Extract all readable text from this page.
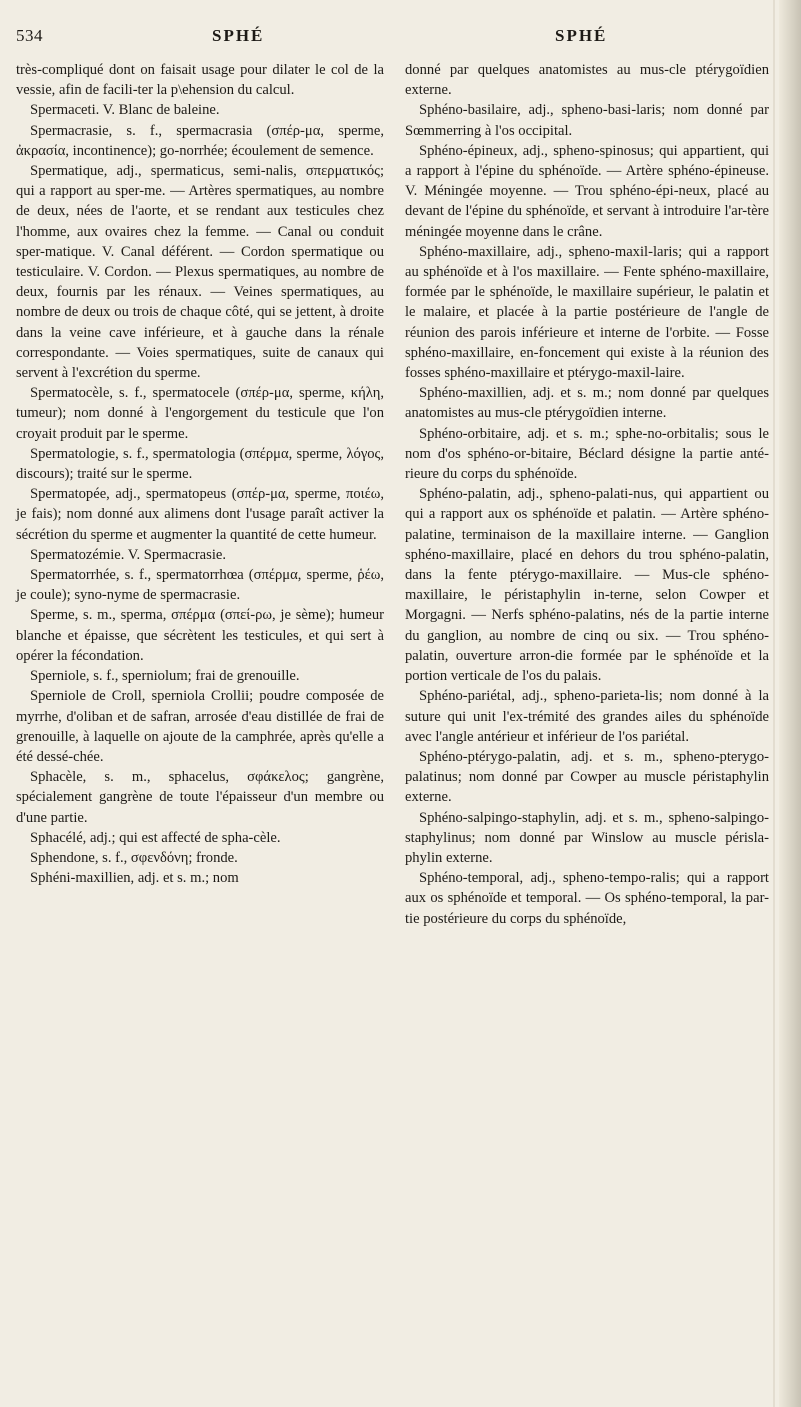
534	SPHÉ	SPHÉ

très-compliqué dont on faisait usage pour dilater le col de la vessie, afin de facili-ter la p\ehension du calcul.

Spermaceti. V. Blanc de baleine.

Spermacrasie, s. f., spermacrasia (σπέρ-μα, sperme, ἀκρασία, incontinence); go-norrhée; écoulement de semence.

Spermatique, adj., spermaticus, semi-nalis, σπερματικός; qui a rapport au sper-me. — Artères spermatiques, au nombre de deux, nées de l'aorte, et se rendant aux testicules chez l'homme, aux ovaires chez la femme. — Canal ou conduit sper-matique. V. Canal déférent. — Cordon spermatique ou testiculaire. V. Cordon. — Plexus spermatiques, au nombre de deux, fournis par les rénaux. — Veines spermatiques, au nombre de deux ou trois de chaque côté, qui se jettent, à droite dans la veine cave inférieure, et à gauche dans la rénale correspondante. — Voies spermatiques, suite de canaux qui servent à l'excrétion du sperme.

Spermatocèle, s. f., spermatocele (σπέρ-μα, sperme, κήλη, tumeur); nom donné à l'engorgement du testicule que l'on croyait produit par le sperme.

Spermatologie, s. f., spermatologia (σπέρμα, sperme, λόγος, discours); traité sur le sperme.

Spermatopée, adj., spermatopeus (σπέρ-μα, sperme, ποιέω, je fais); nom donné aux alimens dont l'usage paraît activer la sécrétion du sperme et augmenter la quantité de cette humeur.

Spermatozémie. V. Spermacrasie.

Spermatorrhée, s. f., spermatorrhœa (σπέρμα, sperme, ῥέω, je coule); syno-nyme de spermacrasie.

Sperme, s. m., sperma, σπέρμα (σπεί-ρω, je sème); humeur blanche et épaisse, que sécrètent les testicules, et qui sert à opérer la fécondation.

Sperniole, s. f., sperniolum; frai de grenouille.

Sperniole de Croll, sperniola Crollii; poudre composée de myrrhe, d'oliban et de safran, arrosée d'eau distillée de frai de grenouille, à laquelle on ajoute de la camphrée, après qu'elle a été dessé-chée.

Sphacèle, s. m., sphacelus, σφάκελος; gangrène, spécialement gangrène de toute l'épaisseur d'un membre ou d'une partie.

Sphacélé, adj.; qui est affecté de spha-cèle.

Sphendone, s. f., σφενδόνη; fronde.

Sphéni-maxillien, adj. et s. m.; nom

donné par quelques anatomistes au mus-cle ptérygoïdien externe.

Sphéno-basilaire, adj., spheno-basi-laris; nom donné par Sœmmerring à l'os occipital.

Sphéno-épineux, adj., spheno-spinosus; qui appartient, qui a rapport à l'épine du sphénoïde. — Artère sphéno-épineuse. V. Méningée moyenne. — Trou sphéno-épi-neux, placé au devant de l'épine du sphénoïde, et servant à introduire l'ar-tère méningée moyenne dans le crâne.

Sphéno-maxillaire, adj., spheno-maxil-laris; qui a rapport au sphénoïde et à l'os maxillaire. — Fente sphéno-maxillaire, formée par le sphénoïde, le maxillaire supérieur, le palatin et le malaire, et placée à la partie postérieure de l'angle de réunion des parois inférieure et interne de l'orbite. — Fosse sphéno-maxillaire, en-foncement qui existe à la réunion des fosses sphéno-maxillaire et ptérygo-maxil-laire.

Sphéno-maxillien, adj. et s. m.; nom donné par quelques anatomistes au mus-cle ptérygoïdien interne.

Sphéno-orbitaire, adj. et s. m.; sphe-no-orbitalis; sous le nom d'os sphéno-or-bitaire, Béclard désigne la partie anté-rieure du corps du sphénoïde.

Sphéno-palatin, adj., spheno-palati-nus, qui appartient ou qui a rapport aux os sphénoïde et palatin. — Artère sphéno-palatine, terminaison de la maxillaire interne. — Ganglion sphéno-maxillaire, placé en dehors du trou sphéno-palatin, dans la fente ptérygo-maxillaire. — Mus-cle sphéno-maxillaire, le péristaphylin in-terne, selon Cowper et Morgagni. — Nerfs sphéno-palatins, nés de la partie interne du ganglion, au nombre de cinq ou six. — Trou sphéno-palatin, ouverture arron-die formée par le sphénoïde et la portion verticale de l'os du palais.

Sphéno-pariétal, adj., spheno-parieta-lis; nom donné à la suture qui unit l'ex-trémité des grandes ailes du sphénoïde avec l'angle antérieur et inférieur de l'os pariétal.

Sphéno-ptérygo-palatin, adj. et s. m., spheno-pterygo-palatinus; nom donné par Cowper au muscle péristaphylin externe.

Sphéno-salpingo-staphylin, adj. et s. m., spheno-salpingo-staphylinus; nom donné par Winslow au muscle périsla-phylin externe.

Sphéno-temporal, adj., spheno-tempo-ralis; qui a rapport aux os sphénoïde et temporal. — Os sphéno-temporal, la par-tie postérieure du corps du sphénoïde,
